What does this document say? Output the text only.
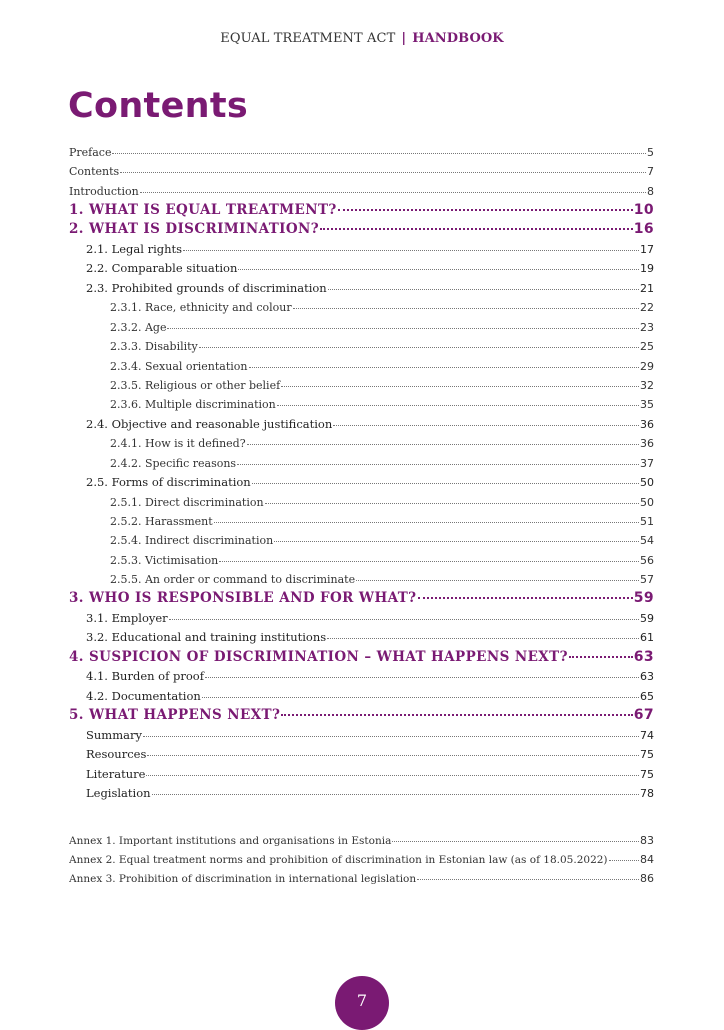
EQUAL TREATMENT ACT | HANDBOOK
Contents
Preface	5
Contents	7
Introduction	8
1. WHAT IS EQUAL TREATMENT?	10
2. WHAT IS DISCRIMINATION?	16
2.1. Legal rights	17
2.2. Comparable situation	19
2.3. Prohibited grounds of discrimination	21
2.3.1. Race, ethnicity and colour	22
2.3.2. Age	23
2.3.3. Disability	25
2.3.4. Sexual orientation	29
2.3.5. Religious or other belief	32
2.3.6. Multiple discrimination	35
2.4. Objective and reasonable justification	36
2.4.1. How is it defined?	36
2.4.2. Specific reasons	37
2.5. Forms of discrimination	50
2.5.1. Direct discrimination	50
2.5.2. Harassment	51
2.5.4. Indirect discrimination	54
2.5.3. Victimisation	56
2.5.5. An order or command to discriminate	57
3. WHO IS RESPONSIBLE AND FOR WHAT?	59
3.1. Employer	59
3.2. Educational and training institutions	61
4. SUSPICION OF DISCRIMINATION – WHAT HAPPENS NEXT?	63
4.1. Burden of proof	63
4.2. Documentation	65
5. WHAT HAPPENS NEXT?	67
Summary	74
Resources	75
Literature	75
Legislation	78
Annex 1. Important institutions and organisations in Estonia	83
Annex 2. Equal treatment norms and prohibition of discrimination in Estonian law (as of 18.05.2022)	84
Annex 3. Prohibition of discrimination in international legislation	86
7
